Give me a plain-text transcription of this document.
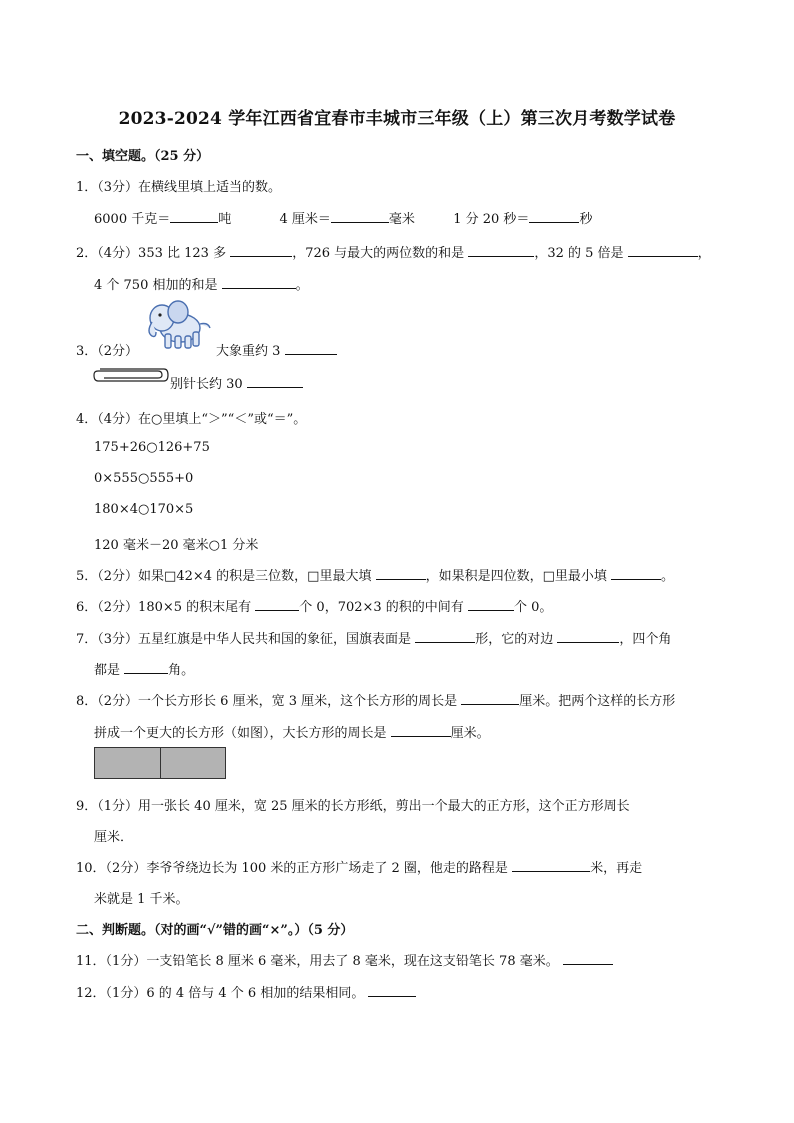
2023-2024 学年江西省宜春市丰城市三年级（上）第三次月考数学试卷
一、填空题。（25 分）
1．（3分）在横线里填上适当的数。
6000 千克＝	吨	4 厘米＝	毫米	1 分 20 秒＝	秒
2．（4分）353 比 123 多	，726 与最大的两位数的和是	，32 的 5 倍是	，
4 个 750 相加的和是	。
3．（2分）	大象重约 3
别针长约 30
4．（4分）在○里填上“＞”“＜”或“＝”。
175+26○126+75
0×555○555+0
180×4○170×5
120 毫米－20 毫米○1 分米
5．（2分）如果□42×4 的积是三位数，□里最大填	，如果积是四位数，□里最小填	。
6．（2分）180×5 的积末尾有	个 0，702×3 的积的中间有	个 0。
7．（3分）五星红旗是中华人民共和国的象征，国旗表面是	形，它的对边	，四个角
都是	角。
8．（2分）一个长方形长 6 厘米，宽 3 厘米，这个长方形的周长是	厘米。把两个这样的长方形
拼成一个更大的长方形（如图），大长方形的周长是	厘米。
9．（1分）用一张长 40 厘米，宽 25 厘米的长方形纸，剪出一个最大的正方形，这个正方形周长
厘米．
10．（2分）李爷爷绕边长为 100 米的正方形广场走了 2 圈，他走的路程是	米，再走
米就是 1 千米。
二、判断题。（对的画“√”错的画“×”。）（5 分）
11．（1分）一支铅笔长 8 厘米 6 毫米，用去了 8 毫米，现在这支铅笔长 78 毫米。
12．（1分）6 的 4 倍与 4 个 6 相加的结果相同。
